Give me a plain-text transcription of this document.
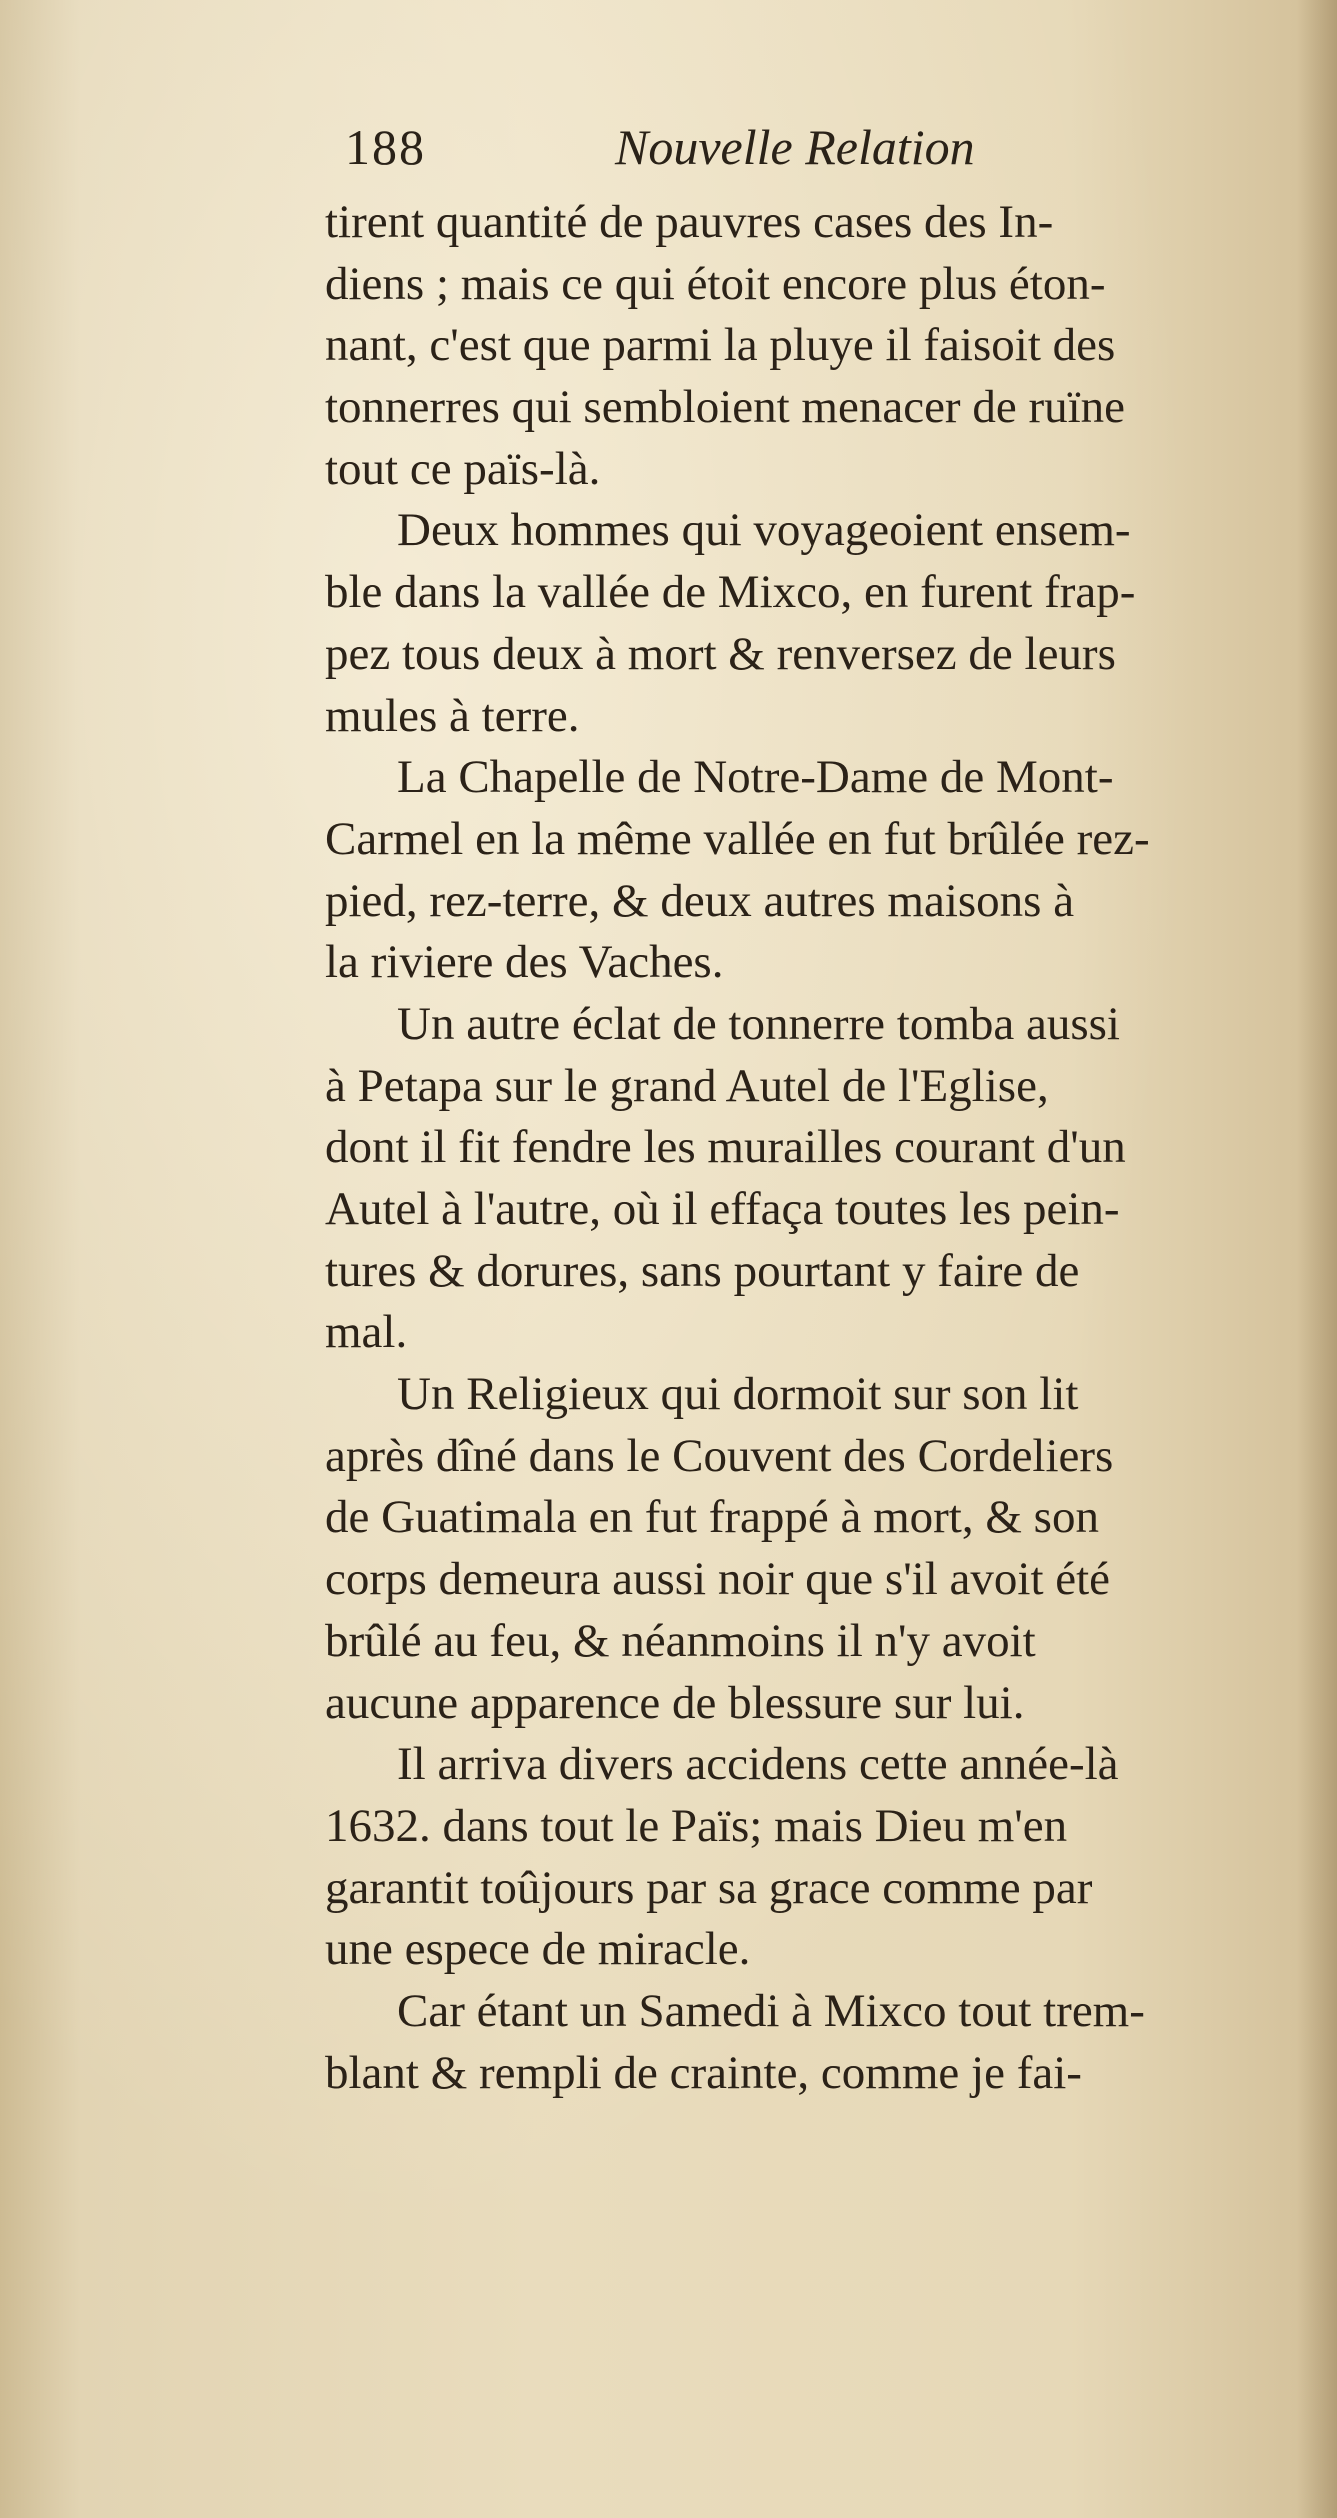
188	Nouvelle Relation
tirent quantité de pauvres cases des In-
diens ; mais ce qui étoit encore plus éton-
nant, c'est que parmi la pluye il faisoit des
tonnerres qui sembloient menacer de ruïne
tout ce païs-là.
Deux hommes qui voyageoient ensem-
ble dans la vallée de Mixco, en furent frap-
pez tous deux à mort & renversez de leurs
mules à terre.
La Chapelle de Notre-Dame de Mont-
Carmel en la même vallée en fut brûlée rez-
pied, rez-terre, & deux autres maisons à
la riviere des Vaches.
Un autre éclat de tonnerre tomba aussi
à Petapa sur le grand Autel de l'Eglise,
dont il fit fendre les murailles courant d'un
Autel à l'autre, où il effaça toutes les pein-
tures & dorures, sans pourtant y faire de
mal.
Un Religieux qui dormoit sur son lit
après dîné dans le Couvent des Cordeliers
de Guatimala en fut frappé à mort, & son
corps demeura aussi noir que s'il avoit été
brûlé au feu, & néanmoins il n'y avoit
aucune apparence de blessure sur lui.
Il arriva divers accidens cette année-là
1632. dans tout le Païs; mais Dieu m'en
garantit toûjours par sa grace comme par
une espece de miracle.
Car étant un Samedi à Mixco tout trem-
blant & rempli de crainte, comme je fai-
